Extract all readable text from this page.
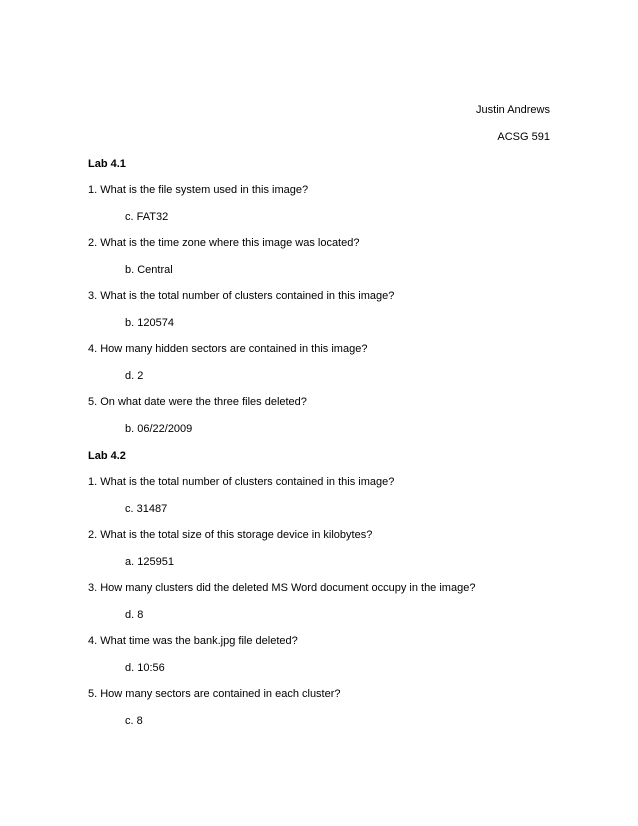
Justin Andrews
ACSG 591
Lab 4.1
1. What is the file system used in this image?
c. FAT32
2. What is the time zone where this image was located?
b. Central
3. What is the total number of clusters contained in this image?
b. 120574
4. How many hidden sectors are contained in this image?
d. 2
5. On what date were the three files deleted?
b. 06/22/2009
Lab 4.2
1. What is the total number of clusters contained in this image?
c. 31487
2. What is the total size of this storage device in kilobytes?
a. 125951
3. How many clusters did the deleted MS Word document occupy in the image?
d. 8
4. What time was the bank.jpg file deleted?
d. 10:56
5. How many sectors are contained in each cluster?
c. 8
